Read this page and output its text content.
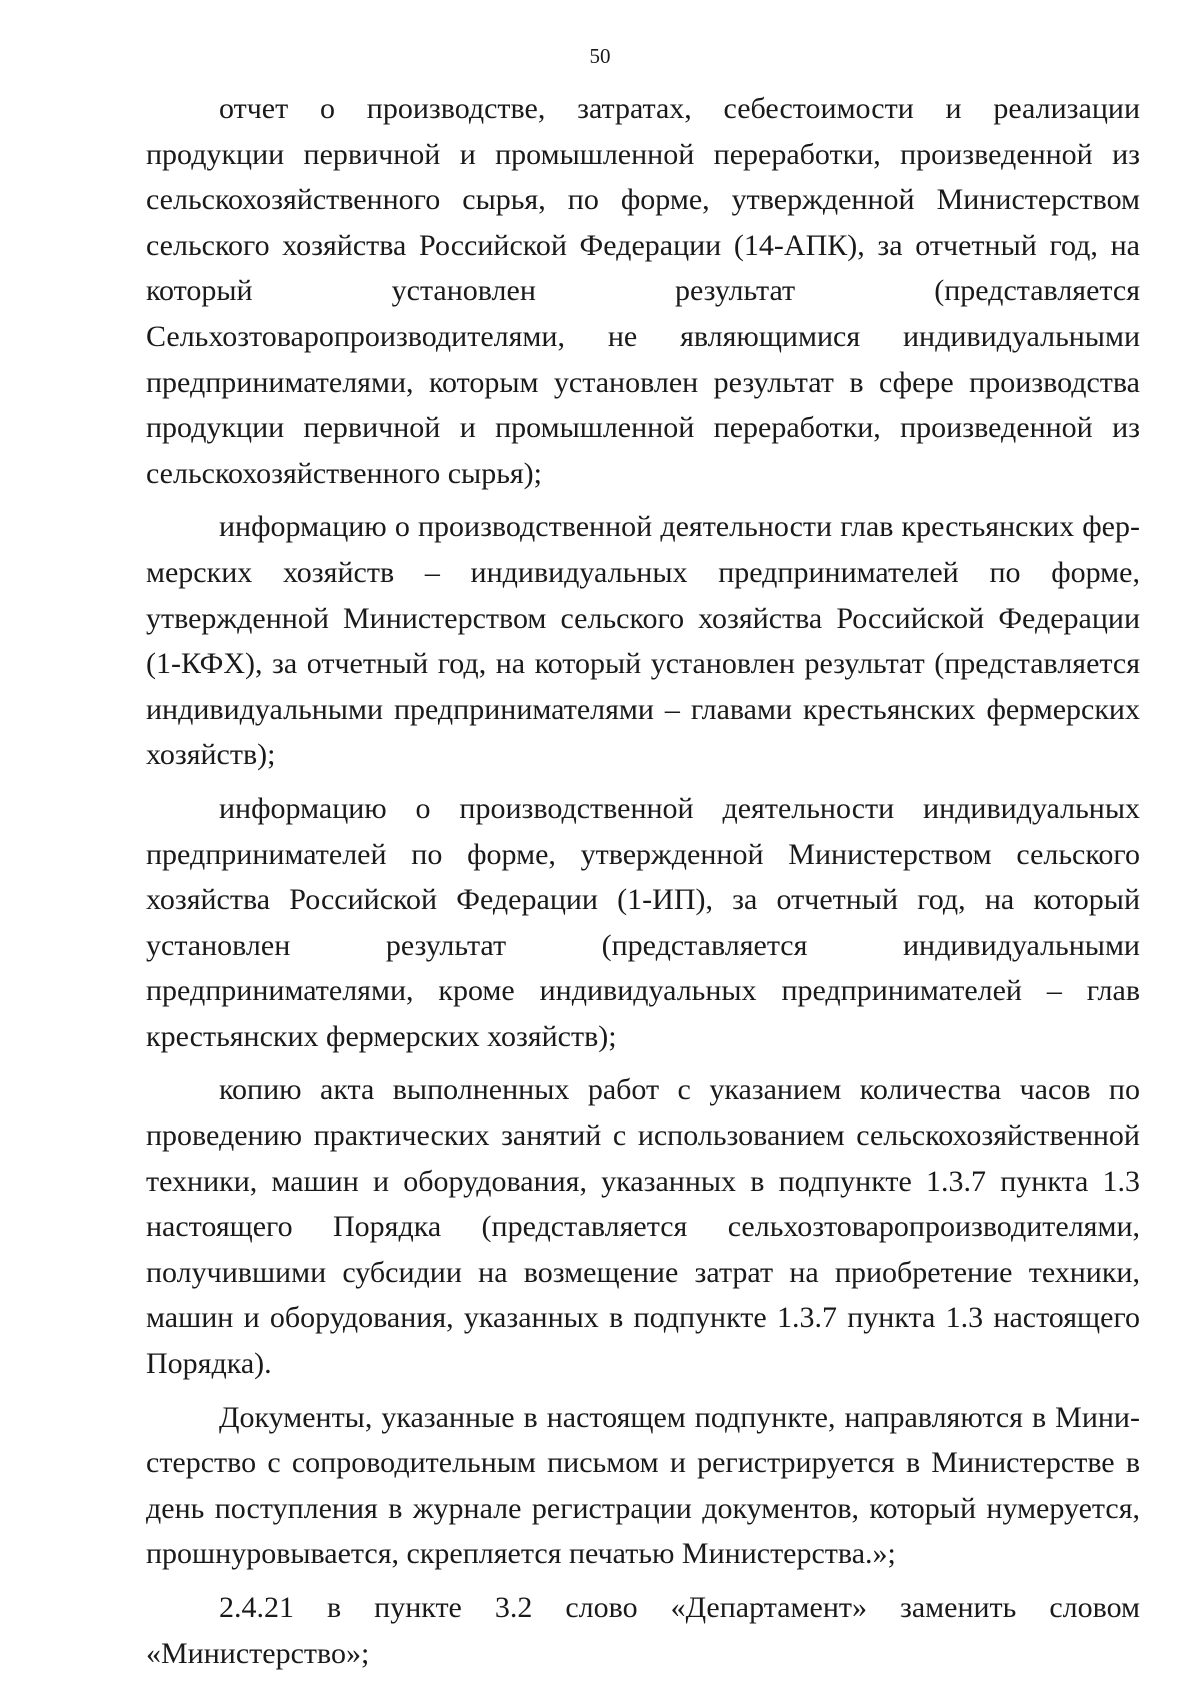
50

отчет о производстве, затратах, себестоимости и реализации продукции первичной и промышленной переработки, произведенной из сельскохозяйственного сырья, по форме, утвержденной Министерством сельского хозяйства Российской Федерации (14-АПК), за отчетный год, на который установлен результат (представляется Сельхозтоваропроизводителями, не являющимися индивидуальными предпринимателями, которым установлен результат в сфере производства продукции первичной и промышленной переработки, произведенной из сельскохозяйственного сырья);

информацию о производственной деятельности глав крестьянских фермерских хозяйств – индивидуальных предпринимателей по форме, утвержденной Министерством сельского хозяйства Российской Федерации (1-КФХ), за отчетный год, на который установлен результат (представляется индивидуальными предпринимателями – главами крестьянских фермерских хозяйств);

информацию о производственной деятельности индивидуальных предпринимателей по форме, утвержденной Министерством сельского хозяйства Российской Федерации (1-ИП), за отчетный год, на который установлен результат (представляется индивидуальными предпринимателями, кроме индивидуальных предпринимателей – глав крестьянских фермерских хозяйств);

копию акта выполненных работ с указанием количества часов по проведению практических занятий с использованием сельскохозяйственной техники, машин и оборудования, указанных в подпункте 1.3.7 пункта 1.3 настоящего Порядка (представляется сельхозтоваропроизводителями, получившими субсидии на возмещение затрат на приобретение техники, машин и оборудования, указанных в подпункте 1.3.7 пункта 1.3 настоящего Порядка).

Документы, указанные в настоящем подпункте, направляются в Министерство с сопроводительным письмом и регистрируется в Министерстве в день поступления в журнале регистрации документов, который нумеруется, прошнуровывается, скрепляется печатью Министерства.»;

2.4.21 в пункте 3.2 слово «Департамент» заменить словом «Министерство»;
